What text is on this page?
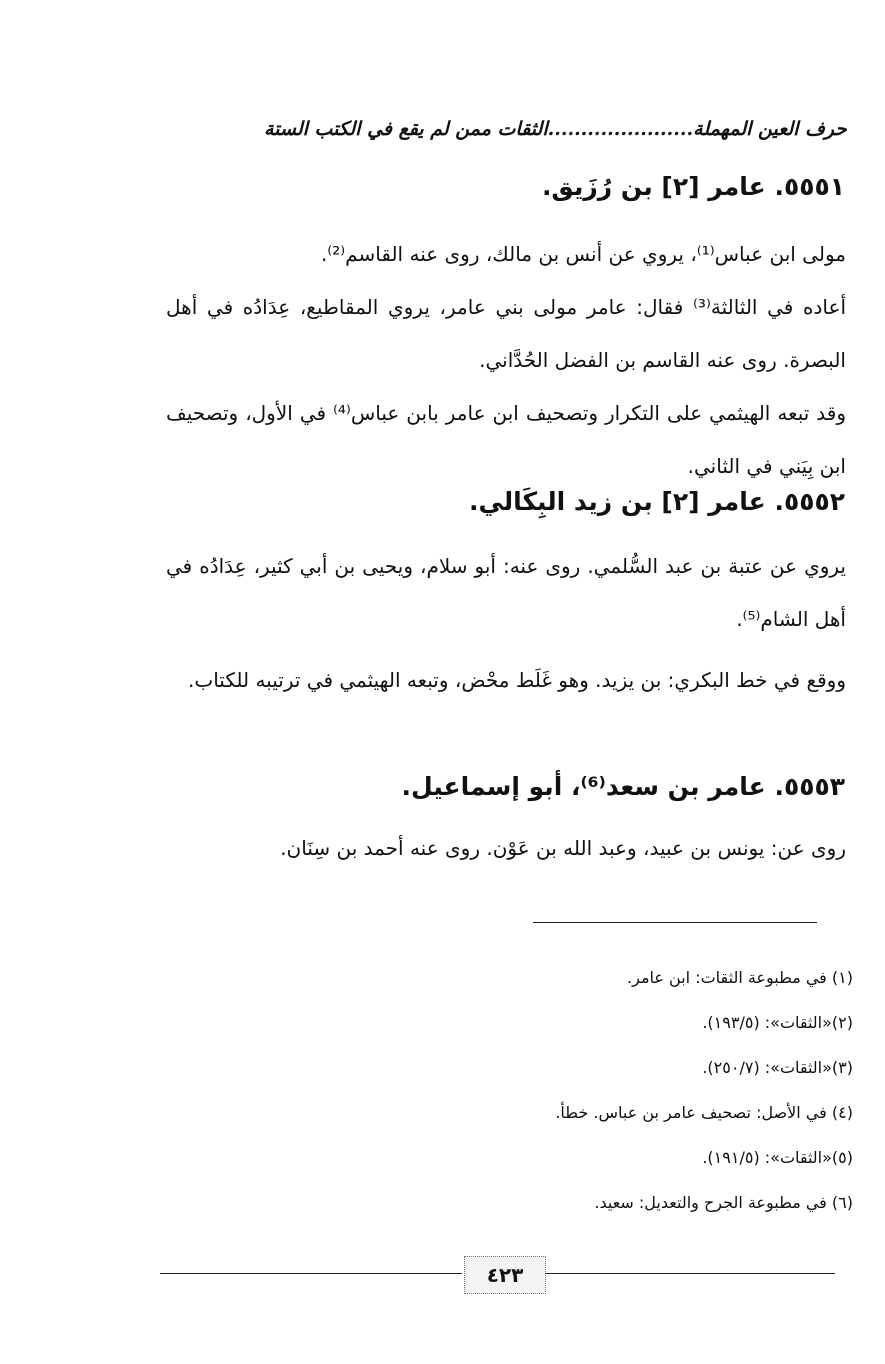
حرف العين المهملة......................الثقات ممن لم يقع في الكتب الستة
٥٥٥١. عامر [٢] بن رُزَيق.

مولى ابن عباس⁽¹⁾، يروي عن أنس بن مالك، روى عنه القاسم⁽²⁾.

أعاده في الثالثة⁽³⁾ فقال: عامر مولى بني عامر، يروي المقاطيع، عِدَادُه في أهل البصرة. روى عنه القاسم بن الفضل الحُدَّاني.

وقد تبعه الهيثمي على التكرار وتصحيف ابن عامر بابن عباس⁽⁴⁾ في الأول، وتصحيف ابن بِيَني في الثاني.

٥٥٥٢. عامر [٢] بن زيد البِكَالي.

يروي عن عتبة بن عبد السُّلمي. روى عنه: أبو سلام، ويحيى بن أبي كثير، عِدَادُه في أهل الشام⁽⁵⁾.

ووقع في خط البكري: بن يزيد. وهو غَلَط محْض، وتبعه الهيثمي في ترتيبه للكتاب.

٥٥٥٣. عامر بن سعد⁽⁶⁾، أبو إسماعيل.

روى عن: يونس بن عبيد، وعبد الله بن عَوْن. روى عنه أحمد بن سِنَان.

(١) في مطبوعة الثقات: ابن عامر.
(٢)«الثقات»: (١٩٣/٥).
(٣)«الثقات»: (٢٥٠/٧).
(٤) في الأصل: تصحيف عامر بن عباس. خطأ.
(٥)«الثقات»: (١٩١/٥).
(٦) في مطبوعة الجرح والتعديل: سعيد.
٤٢٣
